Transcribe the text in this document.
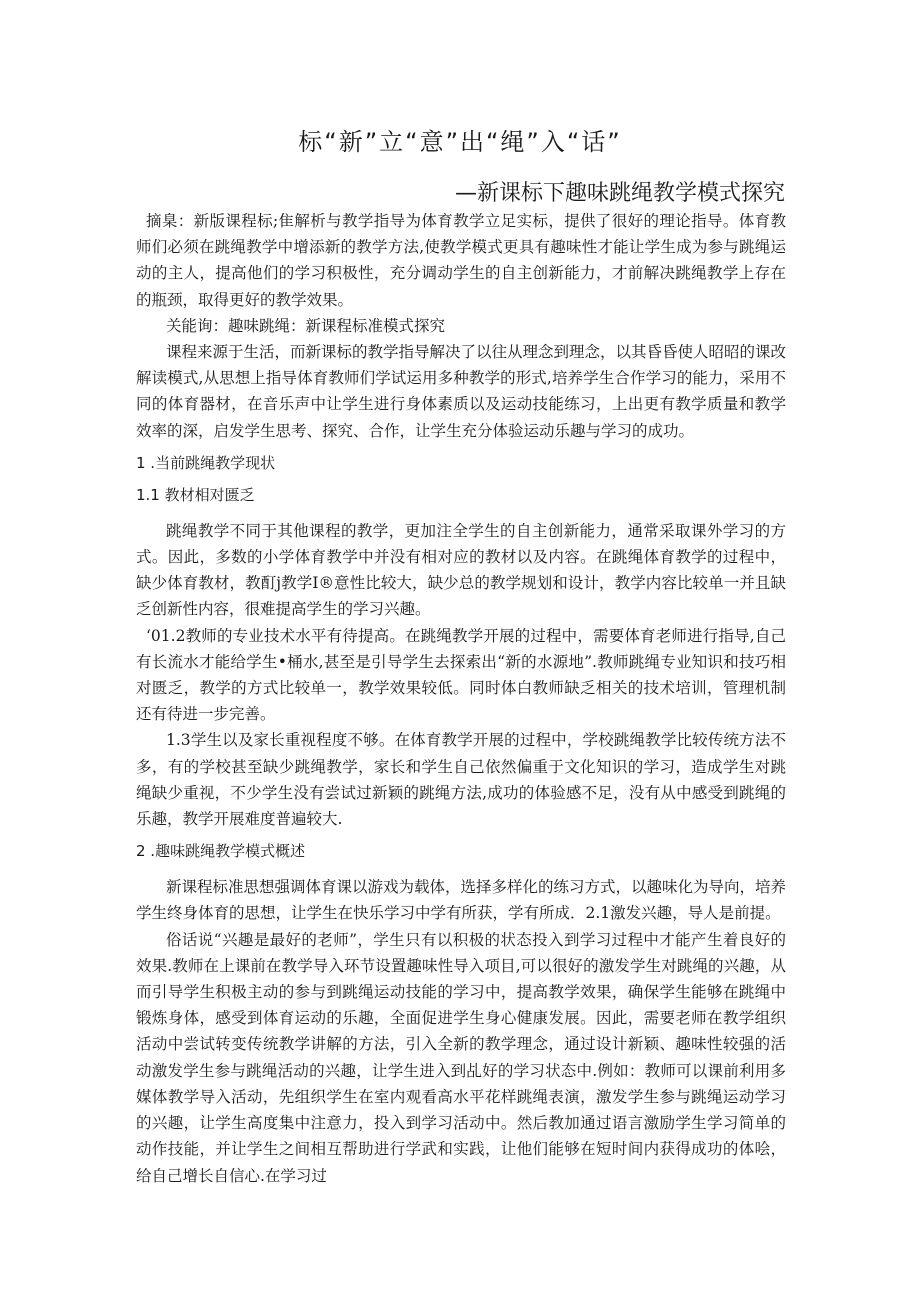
标“新”立“意”出“绳”入“话”
—新课标下趣味跳绳教学模式探究

摘臬：新版课程标;隹解析与教学指导为体育教学立足实标，提供了很好的理论指导。体育教师们必须在跳绳教学中增添新的教学方法,使教学模式更具有趣味性才能让学生成为参与跳绳运动的主人，提高他们的学习积极性，充分调动学生的自主创新能力，才前解决跳绳教学上存在的瓶颈，取得更好的教学效果。

关能询：趣味跳绳：新课程标准模式探究

课程来源于生活，而新课标的教学指导解决了以往从理念到理念，以其昏昏使人昭昭的课改解读模式,从思想上指导体育教师们学试运用多种教学的形式,培养学生合作学习的能力，采用不同的体育器材，在音乐声中让学生进行身体素质以及运动技能练习，上出更有教学质量和教学效率的深，启发学生思考、探究、合作，让学生充分体验运动乐趣与学习的成功。

1 .当前跳绳教学现状
1.1 教材相对匮乏

跳绳教学不同于其他课程的教学，更加注全学生的自主创新能力，通常采取课外学习的方式。因此，多数的小学体育教学中并没有相对应的教材以及内容。在跳绳体育教学的过程中，缺少体育教材，教酊j教学I®意性比较大，缺少总的教学规划和设计，教学内容比较单一并且缺乏创新性内容，很难提高学生的学习兴趣。

‘01.2教师的专业技术水平有待提高。在跳绳教学开展的过程中，需要体育老师进行指导,自己有长流水才能给学生•桶水,甚至是引导学生去探索出“新的水源地”.教师跳绳专业知识和技巧相对匮乏，教学的方式比较单一，教学效果较低。同时体白教师缺乏相关的技术培训，管理机制还有待进一步完善。

1.3学生以及家长重视程度不够。在体育教学开展的过程中，学校跳绳教学比较传统方法不多，有的学校甚至缺少跳绳教学，家长和学生自己依然偏重于文化知识的学习，造成学生对跳绳缺少重视，不少学生没有尝试过新颖的跳绳方法,成功的体验感不足，没有从中感受到跳绳的乐趣，教学开展难度普遍较大.

2 .趣味跳绳教学模式概述

新课程标准思想强调体育课以游戏为载体，选择多样化的练习方式，以趣味化为导向，培养学生终身体育的思想，让学生在快乐学习中学有所获，学有所成．2.1激发兴趣，导人是前提。

俗话说“兴趣是最好的老师”，学生只有以积极的状态投入到学习过程中才能产生着良好的效果.教师在上课前在教学导入环节设置趣味性导入项目,可以很好的激发学生对跳绳的兴趣，从而引导学生积极主动的参与到跳绳运动技能的学习中，提高教学效果，确保学生能够在跳绳中锻炼身体，感受到体育运动的乐趣，全面促进学生身心健康发展。因此，需要老师在教学组织活动中尝试转变传统教学讲解的方法，引入全新的教学理念，通过设计新颖、趣味性较强的活动激发学生参与跳绳活动的兴趣，让学生进入到乩好的学习状态中.例如：教师可以课前利用多媒体教学导入活动，先组织学生在室内观看高水平花样跳绳表演，激发学生参与跳绳运动学习的兴趣，让学生高度集中注意力，投入到学习活动中。然后教加通过语言激励学生学习简单的动作技能，并让学生之间相互帮助进行学武和实践，让他们能够在短时间内获得成功的体哙，给自己增长自信心.在学习过
